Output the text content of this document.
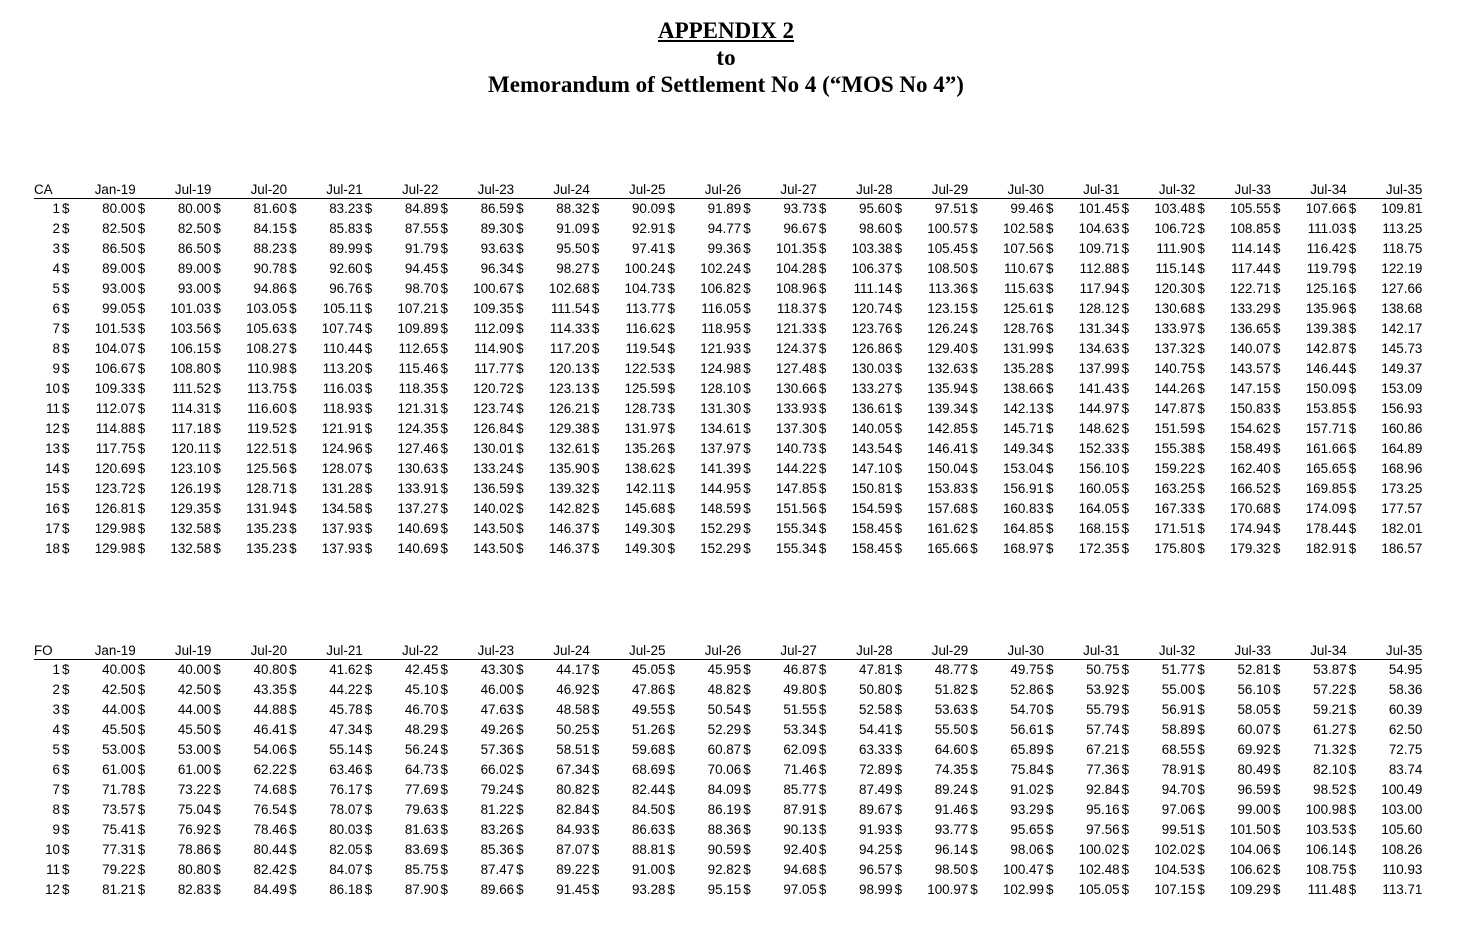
APPENDIX 2
to
Memorandum of Settlement No 4 (“MOS No 4”)
CA	Jan-19	Jul-19	Jul-20	Jul-21	Jul-22	Jul-23	Jul-24	Jul-25	Jul-26	Jul-27	Jul-28	Jul-29	Jul-30	Jul-31	Jul-32	Jul-33	Jul-34	Jul-35
1	$ 80.00	$ 80.00	$ 81.60	$ 83.23	$ 84.89	$ 86.59	$ 88.32	$ 90.09	$ 91.89	$ 93.73	$ 95.60	$ 97.51	$ 99.46	$ 101.45	$ 103.48	$ 105.55	$ 107.66	$ 109.81
2	$ 82.50	$ 82.50	$ 84.15	$ 85.83	$ 87.55	$ 89.30	$ 91.09	$ 92.91	$ 94.77	$ 96.67	$ 98.60	$ 100.57	$ 102.58	$ 104.63	$ 106.72	$ 108.85	$ 111.03	$ 113.25
3	$ 86.50	$ 86.50	$ 88.23	$ 89.99	$ 91.79	$ 93.63	$ 95.50	$ 97.41	$ 99.36	$ 101.35	$ 103.38	$ 105.45	$ 107.56	$ 109.71	$ 111.90	$ 114.14	$ 116.42	$ 118.75
4	$ 89.00	$ 89.00	$ 90.78	$ 92.60	$ 94.45	$ 96.34	$ 98.27	$ 100.24	$ 102.24	$ 104.28	$ 106.37	$ 108.50	$ 110.67	$ 112.88	$ 115.14	$ 117.44	$ 119.79	$ 122.19
5	$ 93.00	$ 93.00	$ 94.86	$ 96.76	$ 98.70	$ 100.67	$ 102.68	$ 104.73	$ 106.82	$ 108.96	$ 111.14	$ 113.36	$ 115.63	$ 117.94	$ 120.30	$ 122.71	$ 125.16	$ 127.66
6	$ 99.05	$ 101.03	$ 103.05	$ 105.11	$ 107.21	$ 109.35	$ 111.54	$ 113.77	$ 116.05	$ 118.37	$ 120.74	$ 123.15	$ 125.61	$ 128.12	$ 130.68	$ 133.29	$ 135.96	$ 138.68
7	$ 101.53	$ 103.56	$ 105.63	$ 107.74	$ 109.89	$ 112.09	$ 114.33	$ 116.62	$ 118.95	$ 121.33	$ 123.76	$ 126.24	$ 128.76	$ 131.34	$ 133.97	$ 136.65	$ 139.38	$ 142.17
8	$ 104.07	$ 106.15	$ 108.27	$ 110.44	$ 112.65	$ 114.90	$ 117.20	$ 119.54	$ 121.93	$ 124.37	$ 126.86	$ 129.40	$ 131.99	$ 134.63	$ 137.32	$ 140.07	$ 142.87	$ 145.73
9	$ 106.67	$ 108.80	$ 110.98	$ 113.20	$ 115.46	$ 117.77	$ 120.13	$ 122.53	$ 124.98	$ 127.48	$ 130.03	$ 132.63	$ 135.28	$ 137.99	$ 140.75	$ 143.57	$ 146.44	$ 149.37
10	$ 109.33	$ 111.52	$ 113.75	$ 116.03	$ 118.35	$ 120.72	$ 123.13	$ 125.59	$ 128.10	$ 130.66	$ 133.27	$ 135.94	$ 138.66	$ 141.43	$ 144.26	$ 147.15	$ 150.09	$ 153.09
11	$ 112.07	$ 114.31	$ 116.60	$ 118.93	$ 121.31	$ 123.74	$ 126.21	$ 128.73	$ 131.30	$ 133.93	$ 136.61	$ 139.34	$ 142.13	$ 144.97	$ 147.87	$ 150.83	$ 153.85	$ 156.93
12	$ 114.88	$ 117.18	$ 119.52	$ 121.91	$ 124.35	$ 126.84	$ 129.38	$ 131.97	$ 134.61	$ 137.30	$ 140.05	$ 142.85	$ 145.71	$ 148.62	$ 151.59	$ 154.62	$ 157.71	$ 160.86
13	$ 117.75	$ 120.11	$ 122.51	$ 124.96	$ 127.46	$ 130.01	$ 132.61	$ 135.26	$ 137.97	$ 140.73	$ 143.54	$ 146.41	$ 149.34	$ 152.33	$ 155.38	$ 158.49	$ 161.66	$ 164.89
14	$ 120.69	$ 123.10	$ 125.56	$ 128.07	$ 130.63	$ 133.24	$ 135.90	$ 138.62	$ 141.39	$ 144.22	$ 147.10	$ 150.04	$ 153.04	$ 156.10	$ 159.22	$ 162.40	$ 165.65	$ 168.96
15	$ 123.72	$ 126.19	$ 128.71	$ 131.28	$ 133.91	$ 136.59	$ 139.32	$ 142.11	$ 144.95	$ 147.85	$ 150.81	$ 153.83	$ 156.91	$ 160.05	$ 163.25	$ 166.52	$ 169.85	$ 173.25
16	$ 126.81	$ 129.35	$ 131.94	$ 134.58	$ 137.27	$ 140.02	$ 142.82	$ 145.68	$ 148.59	$ 151.56	$ 154.59	$ 157.68	$ 160.83	$ 164.05	$ 167.33	$ 170.68	$ 174.09	$ 177.57
17	$ 129.98	$ 132.58	$ 135.23	$ 137.93	$ 140.69	$ 143.50	$ 146.37	$ 149.30	$ 152.29	$ 155.34	$ 158.45	$ 161.62	$ 164.85	$ 168.15	$ 171.51	$ 174.94	$ 178.44	$ 182.01
18	$ 129.98	$ 132.58	$ 135.23	$ 137.93	$ 140.69	$ 143.50	$ 146.37	$ 149.30	$ 152.29	$ 155.34	$ 158.45	$ 165.66	$ 168.97	$ 172.35	$ 175.80	$ 179.32	$ 182.91	$ 186.57
FO	Jan-19	Jul-19	Jul-20	Jul-21	Jul-22	Jul-23	Jul-24	Jul-25	Jul-26	Jul-27	Jul-28	Jul-29	Jul-30	Jul-31	Jul-32	Jul-33	Jul-34	Jul-35
1	$ 40.00	$ 40.00	$ 40.80	$ 41.62	$ 42.45	$ 43.30	$ 44.17	$ 45.05	$ 45.95	$ 46.87	$ 47.81	$ 48.77	$ 49.75	$ 50.75	$ 51.77	$ 52.81	$ 53.87	$ 54.95
2	$ 42.50	$ 42.50	$ 43.35	$ 44.22	$ 45.10	$ 46.00	$ 46.92	$ 47.86	$ 48.82	$ 49.80	$ 50.80	$ 51.82	$ 52.86	$ 53.92	$ 55.00	$ 56.10	$ 57.22	$ 58.36
3	$ 44.00	$ 44.00	$ 44.88	$ 45.78	$ 46.70	$ 47.63	$ 48.58	$ 49.55	$ 50.54	$ 51.55	$ 52.58	$ 53.63	$ 54.70	$ 55.79	$ 56.91	$ 58.05	$ 59.21	$ 60.39
4	$ 45.50	$ 45.50	$ 46.41	$ 47.34	$ 48.29	$ 49.26	$ 50.25	$ 51.26	$ 52.29	$ 53.34	$ 54.41	$ 55.50	$ 56.61	$ 57.74	$ 58.89	$ 60.07	$ 61.27	$ 62.50
5	$ 53.00	$ 53.00	$ 54.06	$ 55.14	$ 56.24	$ 57.36	$ 58.51	$ 59.68	$ 60.87	$ 62.09	$ 63.33	$ 64.60	$ 65.89	$ 67.21	$ 68.55	$ 69.92	$ 71.32	$ 72.75
6	$ 61.00	$ 61.00	$ 62.22	$ 63.46	$ 64.73	$ 66.02	$ 67.34	$ 68.69	$ 70.06	$ 71.46	$ 72.89	$ 74.35	$ 75.84	$ 77.36	$ 78.91	$ 80.49	$ 82.10	$ 83.74
7	$ 71.78	$ 73.22	$ 74.68	$ 76.17	$ 77.69	$ 79.24	$ 80.82	$ 82.44	$ 84.09	$ 85.77	$ 87.49	$ 89.24	$ 91.02	$ 92.84	$ 94.70	$ 96.59	$ 98.52	$ 100.49
8	$ 73.57	$ 75.04	$ 76.54	$ 78.07	$ 79.63	$ 81.22	$ 82.84	$ 84.50	$ 86.19	$ 87.91	$ 89.67	$ 91.46	$ 93.29	$ 95.16	$ 97.06	$ 99.00	$ 100.98	$ 103.00
9	$ 75.41	$ 76.92	$ 78.46	$ 80.03	$ 81.63	$ 83.26	$ 84.93	$ 86.63	$ 88.36	$ 90.13	$ 91.93	$ 93.77	$ 95.65	$ 97.56	$ 99.51	$ 101.50	$ 103.53	$ 105.60
10	$ 77.31	$ 78.86	$ 80.44	$ 82.05	$ 83.69	$ 85.36	$ 87.07	$ 88.81	$ 90.59	$ 92.40	$ 94.25	$ 96.14	$ 98.06	$ 100.02	$ 102.02	$ 104.06	$ 106.14	$ 108.26
11	$ 79.22	$ 80.80	$ 82.42	$ 84.07	$ 85.75	$ 87.47	$ 89.22	$ 91.00	$ 92.82	$ 94.68	$ 96.57	$ 98.50	$ 100.47	$ 102.48	$ 104.53	$ 106.62	$ 108.75	$ 110.93
12	$ 81.21	$ 82.83	$ 84.49	$ 86.18	$ 87.90	$ 89.66	$ 91.45	$ 93.28	$ 95.15	$ 97.05	$ 98.99	$ 100.97	$ 102.99	$ 105.05	$ 107.15	$ 109.29	$ 111.48	$ 113.71
